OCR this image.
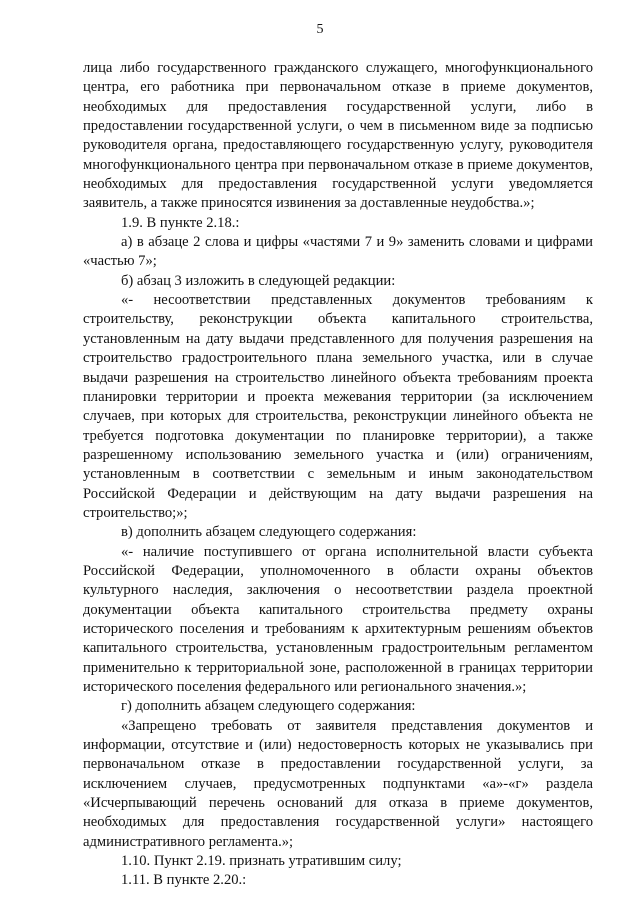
5

лица либо государственного гражданского служащего, многофункционального центра, его работника при первоначальном отказе в приеме документов, необходимых для предоставления государственной услуги, либо в предоставлении государственной услуги, о чем в письменном виде за подписью руководителя органа, предоставляющего государственную услугу, руководителя многофункционального центра при первоначальном отказе в приеме документов, необходимых для предоставления государственной услуги уведомляется заявитель, а также приносятся извинения за доставленные неудобства.»;

1.9. В пункте 2.18.:

а) в абзаце 2 слова и цифры «частями 7 и 9» заменить словами и цифрами «частью 7»;

б) абзац 3 изложить в следующей редакции:

«- несоответствии представленных документов требованиям к строительству, реконструкции объекта капитального строительства, установленным на дату выдачи представленного для получения разрешения на строительство градостроительного плана земельного участка, или в случае выдачи разрешения на строительство линейного объекта требованиям проекта планировки территории и проекта межевания территории (за исключением случаев, при которых для строительства, реконструкции линейного объекта не требуется подготовка документации по планировке территории), а также разрешенному использованию земельного участка и (или) ограничениям, установленным в соответствии с земельным и иным законодательством Российской Федерации и действующим на дату выдачи разрешения на строительство;»;

в) дополнить абзацем следующего содержания:

«- наличие поступившего от органа исполнительной власти субъекта Российской Федерации, уполномоченного в области охраны объектов культурного наследия, заключения о несоответствии раздела проектной документации объекта капитального строительства предмету охраны исторического поселения и требованиям к архитектурным решениям объектов капитального строительства, установленным градостроительным регламентом применительно к территориальной зоне, расположенной в границах территории исторического поселения федерального или регионального значения.»;

г) дополнить абзацем следующего содержания:

«Запрещено требовать от заявителя представления документов и информации, отсутствие и (или) недостоверность которых не указывались при первоначальном отказе в предоставлении государственной услуги, за исключением случаев, предусмотренных подпунктами «а»-«г» раздела «Исчерпывающий перечень оснований для отказа в приеме документов, необходимых для предоставления государственной услуги» настоящего административного регламента.»;

1.10. Пункт 2.19. признать утратившим силу;

1.11. В пункте 2.20.:
